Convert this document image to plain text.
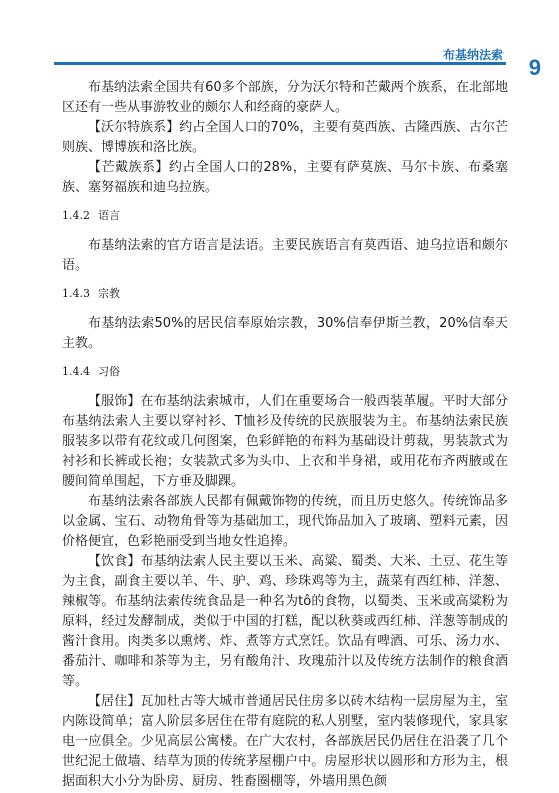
布基纳法索 9

布基纳法索全国共有60多个部族，分为沃尔特和芒戴两个族系，在北部地区还有一些从事游牧业的颇尔人和经商的豪萨人。

【沃尔特族系】约占全国人口的70%，主要有莫西族、古隆西族、古尔芒则族、博博族和洛比族。

【芒戴族系】约占全国人口的28%，主要有萨莫族、马尔卡族、布桑塞族、塞努福族和迪乌拉族。

1.4.2 语言

布基纳法索的官方语言是法语。主要民族语言有莫西语、迪乌拉语和颇尔语。

1.4.3 宗教

布基纳法索50%的居民信奉原始宗教，30%信奉伊斯兰教，20%信奉天主教。

1.4.4 习俗

【服饰】在布基纳法索城市，人们在重要场合一般西装革履。平时大部分布基纳法索人主要以穿衬衫、T恤衫及传统的民族服装为主。布基纳法索民族服装多以带有花纹或几何图案，色彩鲜艳的布料为基础设计剪裁，男装款式为衬衫和长裤或长袍；女装款式多为头巾、上衣和半身裙，或用花布齐两腋或在腰间简单围起，下方垂及脚踝。

布基纳法索各部族人民都有佩戴饰物的传统，而且历史悠久。传统饰品多以金属、宝石、动物角骨等为基础加工，现代饰品加入了玻璃、塑料元素，因价格便宜，色彩艳丽受到当地女性追捧。

【饮食】布基纳法索人民主要以玉米、高粱、蜀类、大米、土豆、花生等为主食，副食主要以羊、牛、驴、鸡、珍珠鸡等为主，蔬菜有西红柿、洋葱、辣椒等。布基纳法索传统食品是一种名为tô的食物，以蜀类、玉米或高粱粉为原料，经过发酵制成，类似于中国的打糕，配以秋葵或西红柿、洋葱等制成的酱汁食用。肉类多以熏烤、炸、煮等方式烹饪。饮品有啤酒、可乐、汤力水、番茄汁、咖啡和茶等为主，另有酸角汁、玫瑰茄汁以及传统方法制作的粮食酒等。

【居住】瓦加杜古等大城市普通居民住房多以砖木结构一层房屋为主，室内陈设简单；富人阶层多居住在带有庭院的私人别墅，室内装修现代，家具家电一应俱全。少见高层公寓楼。在广大农村，各部族居民仍居住在沿袭了几个世纪泥土做墙、结草为顶的传统茅屋棚户中。房屋形状以圆形和方形为主，根据面积大小分为卧房、厨房、牲畜圈棚等，外墙用黑色颜
